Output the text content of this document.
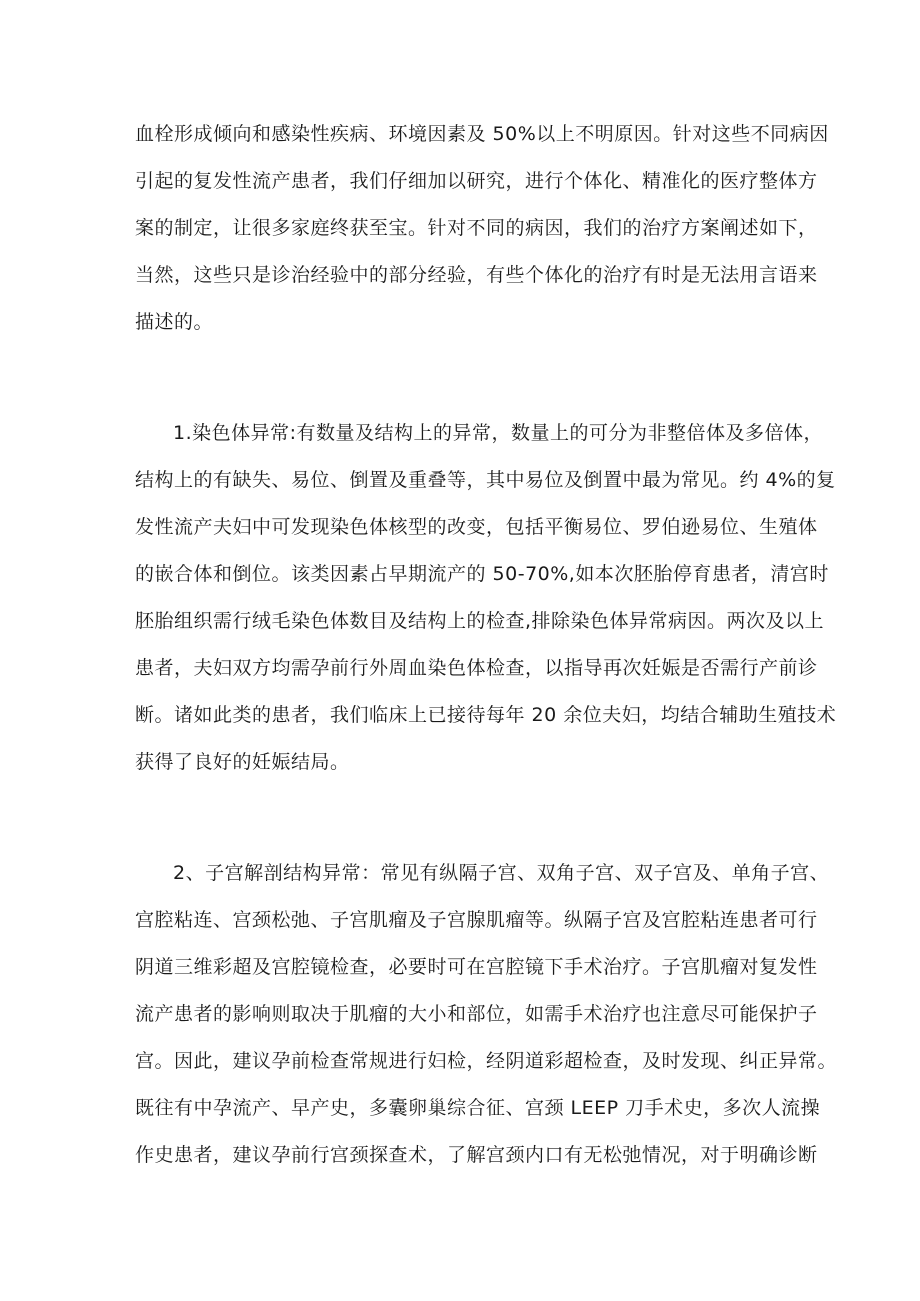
血栓形成倾向和感染性疾病、环境因素及 50%以上不明原因。针对这些不同病因
引起的复发性流产患者，我们仔细加以研究，进行个体化、精准化的医疗整体方
案的制定，让很多家庭终获至宝。针对不同的病因，我们的治疗方案阐述如下，
当然，这些只是诊治经验中的部分经验，有些个体化的治疗有时是无法用言语来
描述的。
1.染色体异常:有数量及结构上的异常，数量上的可分为非整倍体及多倍体，
结构上的有缺失、易位、倒置及重叠等，其中易位及倒置中最为常见。约 4%的复
发性流产夫妇中可发现染色体核型的改变，包括平衡易位、罗伯逊易位、生殖体
的嵌合体和倒位。该类因素占早期流产的 50-70%,如本次胚胎停育患者，清宫时
胚胎组织需行绒毛染色体数目及结构上的检查,排除染色体异常病因。两次及以上
患者，夫妇双方均需孕前行外周血染色体检查，以指导再次妊娠是否需行产前诊
断。诸如此类的患者，我们临床上已接待每年 20 余位夫妇，均结合辅助生殖技术
获得了良好的妊娠结局。
2、子宫解剖结构异常：常见有纵隔子宫、双角子宫、双子宫及、单角子宫、
宫腔粘连、宫颈松弛、子宫肌瘤及子宫腺肌瘤等。纵隔子宫及宫腔粘连患者可行
阴道三维彩超及宫腔镜检查，必要时可在宫腔镜下手术治疗。子宫肌瘤对复发性
流产患者的影响则取决于肌瘤的大小和部位，如需手术治疗也注意尽可能保护子
宫。因此，建议孕前检查常规进行妇检，经阴道彩超检查，及时发现、纠正异常。
既往有中孕流产、早产史，多囊卵巢综合征、宫颈 LEEP 刀手术史，多次人流操
作史患者，建议孕前行宫颈探查术，了解宫颈内口有无松弛情况，对于明确诊断
